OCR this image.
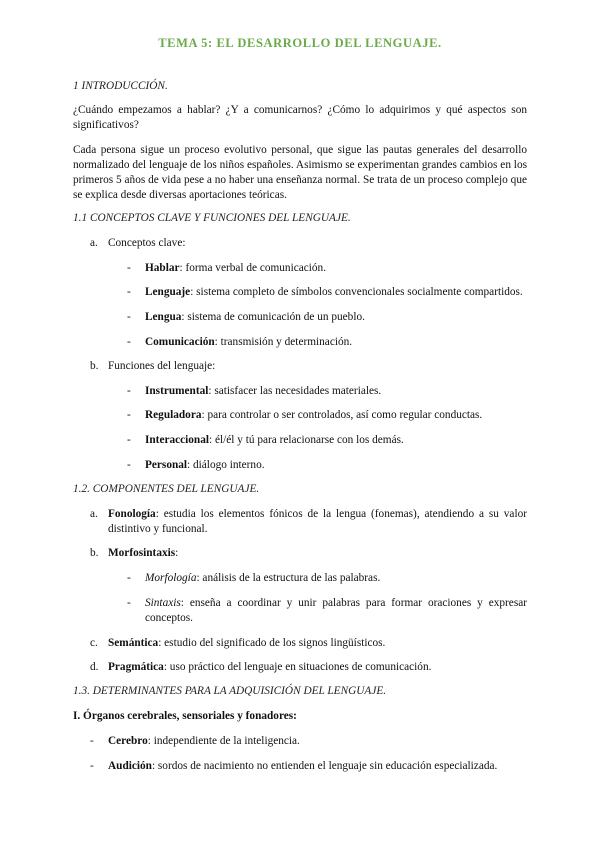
TEMA 5: EL DESARROLLO DEL LENGUAJE.
1 INTRODUCCIÓN.
¿Cuándo empezamos a hablar? ¿Y a comunicarnos? ¿Cómo lo adquirimos y qué aspectos son significativos?
Cada persona sigue un proceso evolutivo personal, que sigue las pautas generales del desarrollo normalizado del lenguaje de los niños españoles. Asimismo se experimentan grandes cambios en los primeros 5 años de vida pese a no haber una enseñanza normal. Se trata de un proceso complejo que se explica desde diversas aportaciones teóricas.
1.1 CONCEPTOS CLAVE Y FUNCIONES DEL LENGUAJE.
a. Conceptos clave:
- Hablar: forma verbal de comunicación.
- Lenguaje: sistema completo de símbolos convencionales socialmente compartidos.
- Lengua: sistema de comunicación de un pueblo.
- Comunicación: transmisión y determinación.
b. Funciones del lenguaje:
- Instrumental: satisfacer las necesidades materiales.
- Reguladora: para controlar o ser controlados, así como regular conductas.
- Interaccional: él/él y tú para relacionarse con los demás.
- Personal: diálogo interno.
1.2. COMPONENTES DEL LENGUAJE.
a. Fonología: estudia los elementos fónicos de la lengua (fonemas), atendiendo a su valor distintivo y funcional.
b. Morfosintaxis:
- Morfología: análisis de la estructura de las palabras.
- Sintaxis: enseña a coordinar y unir palabras para formar oraciones y expresar conceptos.
c. Semántica: estudio del significado de los signos lingüísticos.
d. Pragmática: uso práctico del lenguaje en situaciones de comunicación.
1.3. DETERMINANTES PARA LA ADQUISICIÓN DEL LENGUAJE.
I. Órganos cerebrales, sensoriales y fonadores:
- Cerebro: independiente de la inteligencia.
- Audición: sordos de nacimiento no entienden el lenguaje sin educación especializada.
